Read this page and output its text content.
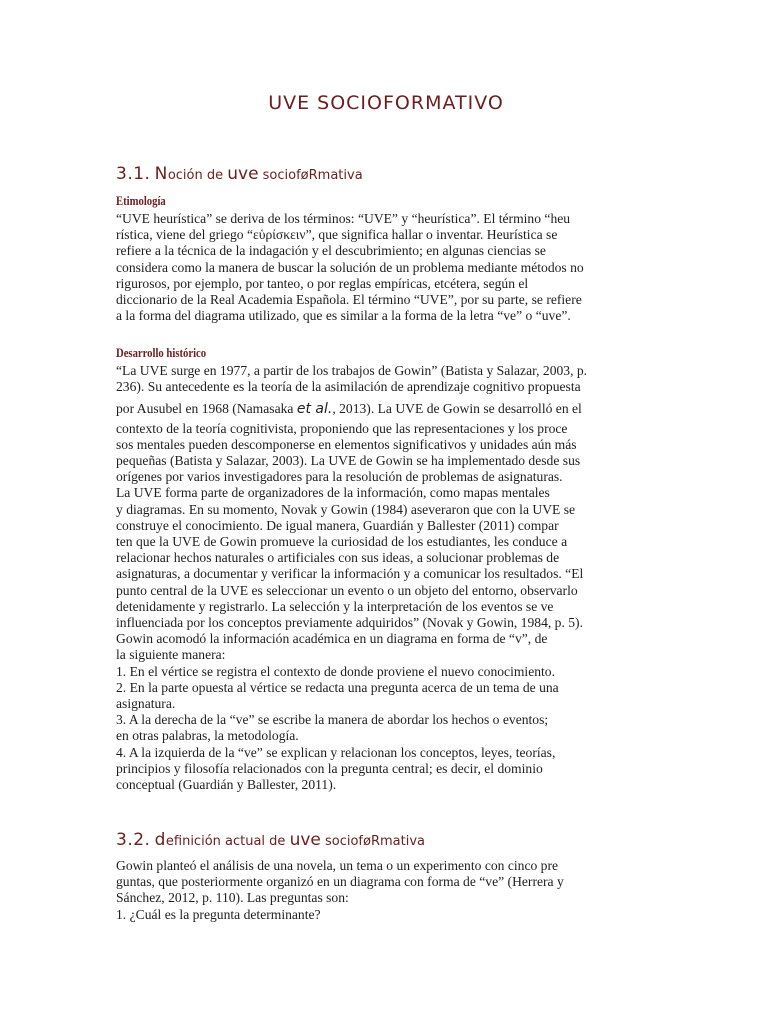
UVE SOCIOFORMATIVO
3.1. Noción de uve socioføRmativa
Etimología
“UVE heurística” se deriva de los términos: “UVE” y “heurística”. El término “heu
rística, viene del griego “εὑρίσκειν”, que significa hallar o inventar. Heurística se
refiere a la técnica de la indagación y el descubrimiento; en algunas ciencias se
considera como la manera de buscar la solución de un problema mediante métodos no
rigurosos, por ejemplo, por tanteo, o por reglas empíricas, etcétera, según el
diccionario de la Real Academia Española. El término “UVE”, por su parte, se refiere
a la forma del diagrama utilizado, que es similar a la forma de la letra “ve” o “uve”.
Desarrollo histórico
“La UVE surge en 1977, a partir de los trabajos de Gowin” (Batista y Salazar, 2003, p.
236). Su antecedente es la teoría de la asimilación de aprendizaje cognitivo propuesta
por Ausubel en 1968 (Namasaka et al., 2013). La UVE de Gowin se desarrolló en el
contexto de la teoría cognitivista, proponiendo que las representaciones y los proce
sos mentales pueden descomponerse en elementos significativos y unidades aún más
pequeñas (Batista y Salazar, 2003). La UVE de Gowin se ha implementado desde sus
orígenes por varios investigadores para la resolución de problemas de asignaturas.
La UVE forma parte de organizadores de la información, como mapas mentales
y diagramas. En su momento, Novak y Gowin (1984) aseveraron que con la UVE se
construye el conocimiento. De igual manera, Guardián y Ballester (2011) compar
ten que la UVE de Gowin promueve la curiosidad de los estudiantes, les conduce a
relacionar hechos naturales o artificiales con sus ideas, a solucionar problemas de
asignaturas, a documentar y verificar la información y a comunicar los resultados. “El
punto central de la UVE es seleccionar un evento o un objeto del entorno, observarlo
detenidamente y registrarlo. La selección y la interpretación de los eventos se ve
influenciada por los conceptos previamente adquiridos” (Novak y Gowin, 1984, p. 5).
Gowin acomodó la información académica en un diagrama en forma de “v”, de
la siguiente manera:
1. En el vértice se registra el contexto de donde proviene el nuevo conocimiento.
2. En la parte opuesta al vértice se redacta una pregunta acerca de un tema de una
asignatura.
3. A la derecha de la “ve” se escribe la manera de abordar los hechos o eventos;
en otras palabras, la metodología.
4. A la izquierda de la “ve” se explican y relacionan los conceptos, leyes, teorías,
principios y filosofía relacionados con la pregunta central; es decir, el dominio
conceptual (Guardián y Ballester, 2011).
3.2. definición actual de uve socioføRmativa
Gowin planteó el análisis de una novela, un tema o un experimento con cinco pre
guntas, que posteriormente organizó en un diagrama con forma de “ve” (Herrera y
Sánchez, 2012, p. 110). Las preguntas son:
1. ¿Cuál es la pregunta determinante?
